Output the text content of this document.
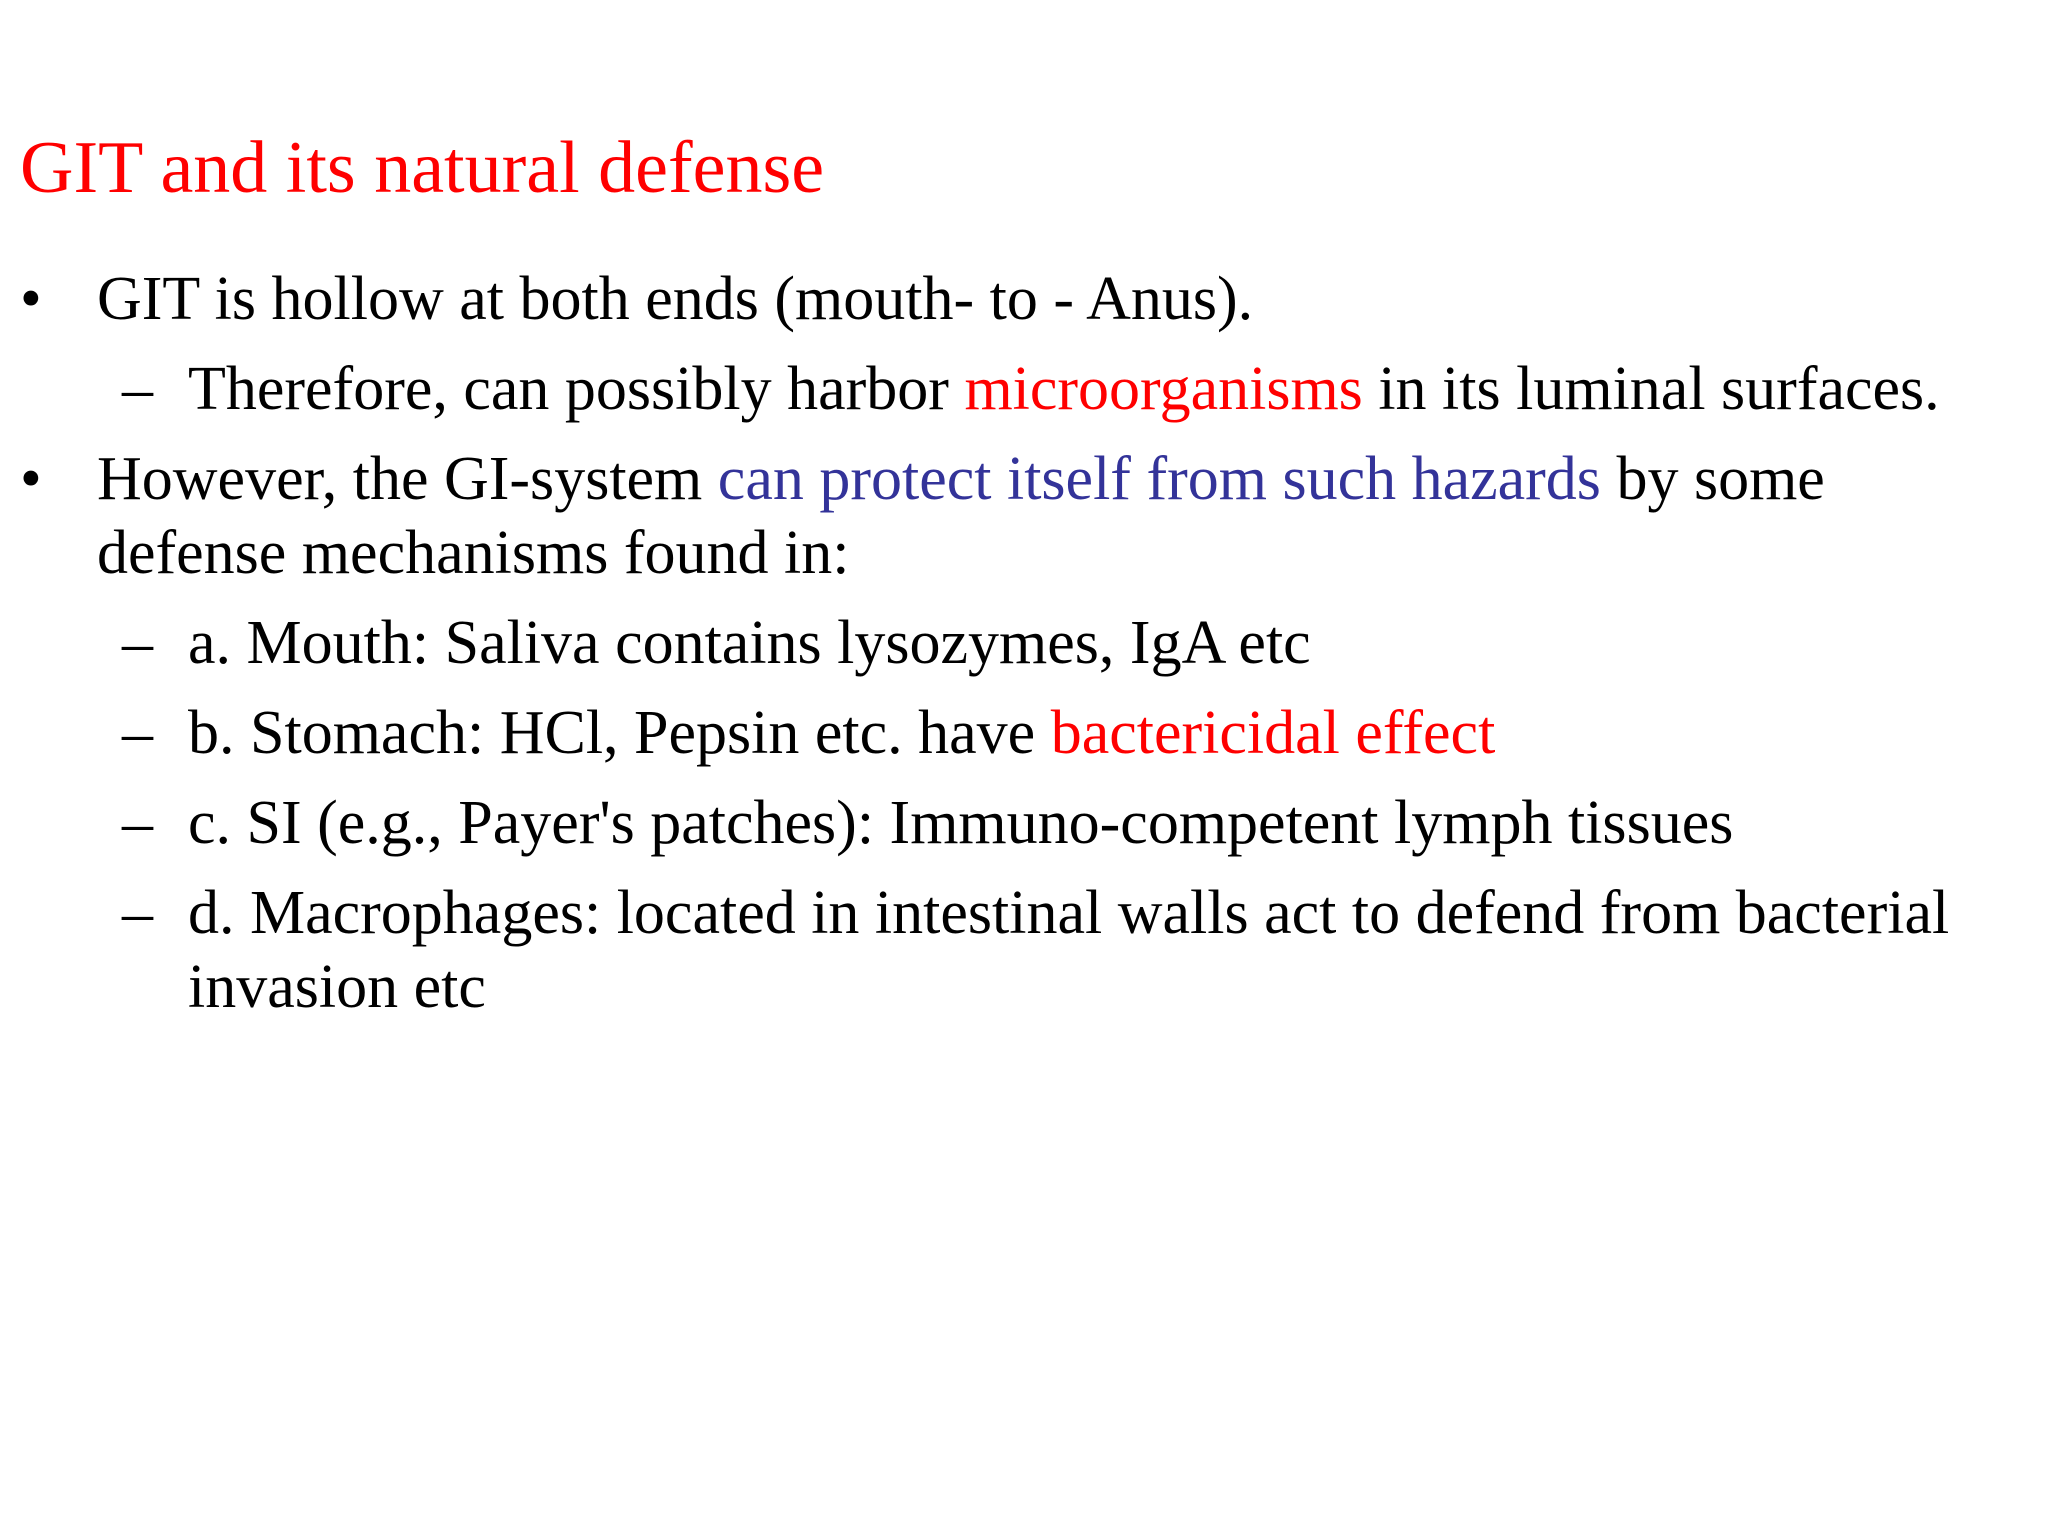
GIT and its natural defense
• GIT is hollow at both ends (mouth- to - Anus).
– Therefore, can possibly harbor microorganisms in its luminal surfaces.
• However, the GI-system can protect itself from such hazards by some defense mechanisms found in:
– a. Mouth: Saliva contains lysozymes, IgA etc
– b. Stomach: HCl, Pepsin etc. have bactericidal effect
– c. SI (e.g., Payer's patches): Immuno-competent lymph tissues
– d. Macrophages: located in intestinal walls act to defend from bacterial invasion etc
